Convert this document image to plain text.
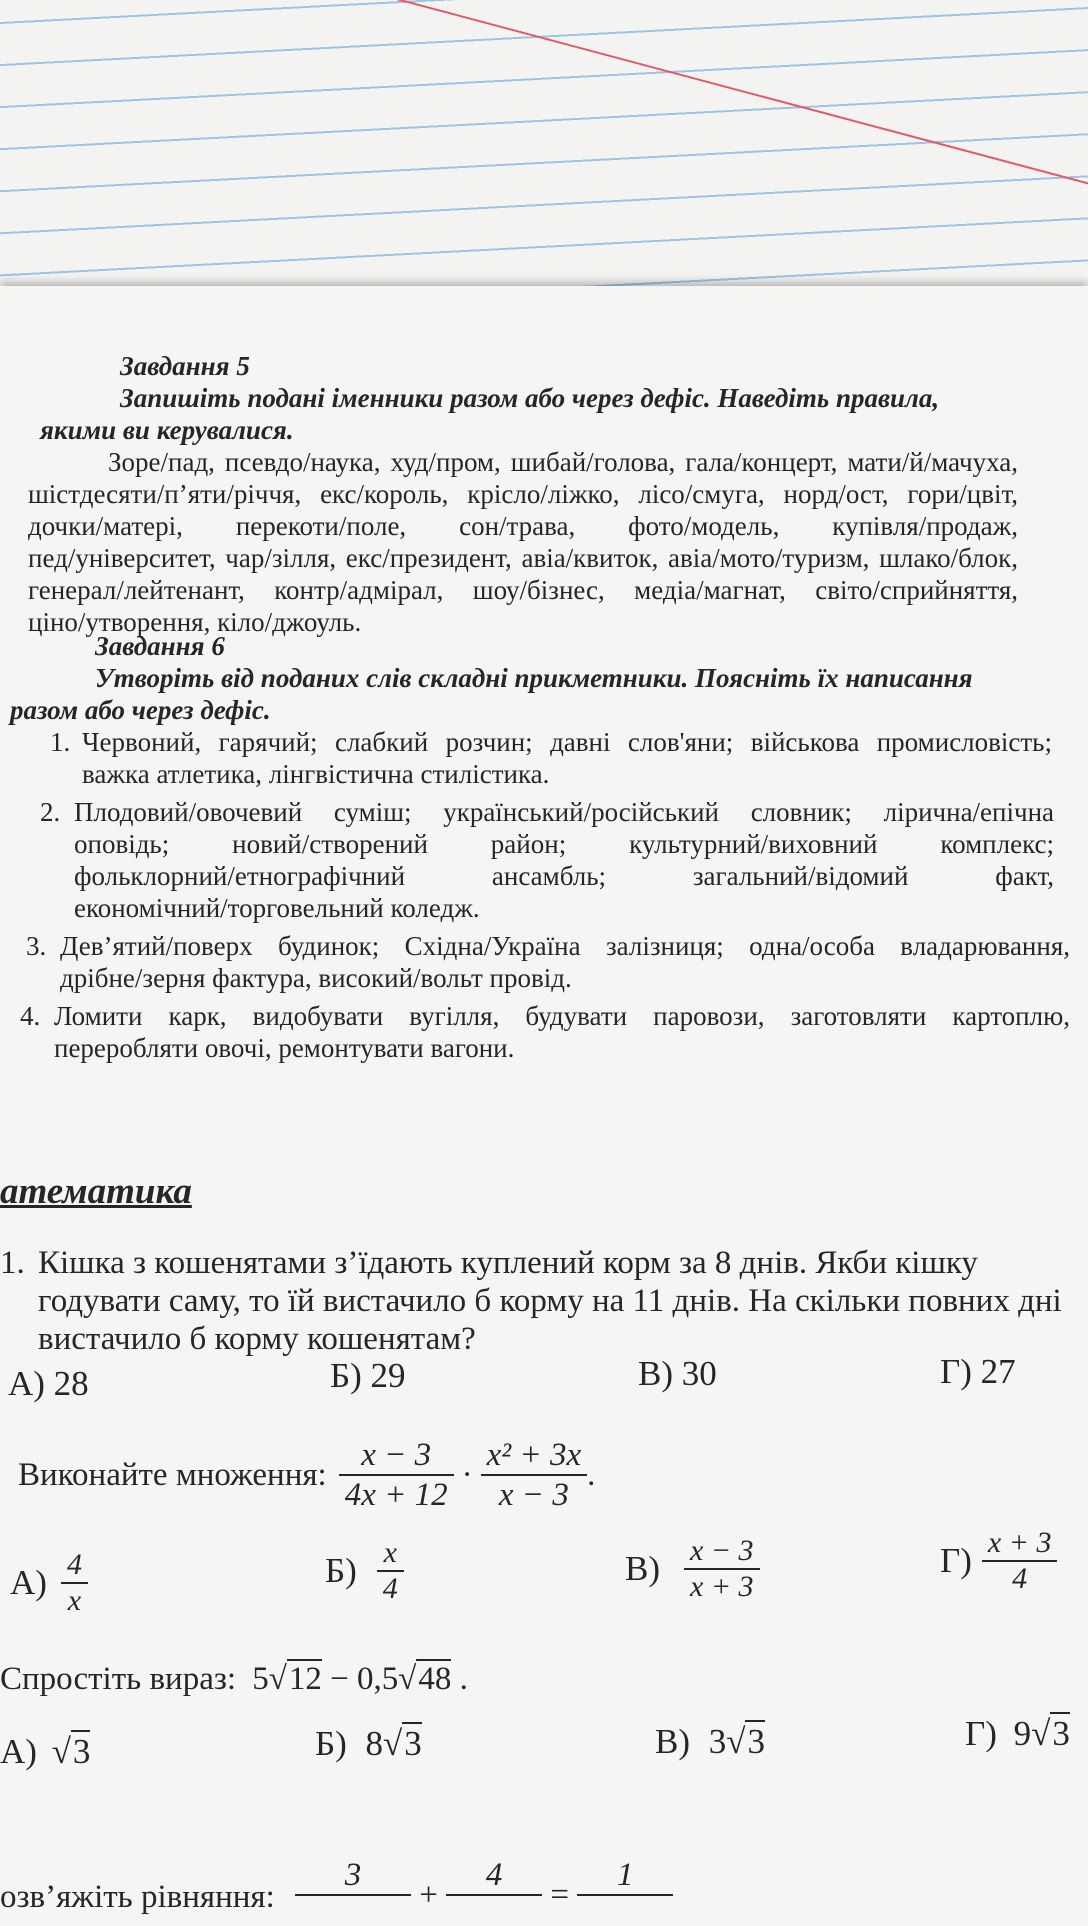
Завдання 5
Запишіть подані іменники разом або через дефіс. Наведіть правила, якими ви керувалися.
Зоре/пад, псевдо/наука, худ/пром, шибай/голова, гала/концерт, мати/й/мачуха,
шістдесяти/п’яти/річчя, екс/король, крісло/ліжко, лісо/смуга, норд/ост, гори/цвіт,
дочки/матері, перекоти/поле, сон/трава, фото/модель, купівля/продаж,
пед/університет, чар/зілля, екс/президент, авіа/квиток, авіа/мото/туризм, шлако/блок,
генерал/лейтенант, контр/адмірал, шоу/бізнес, медіа/магнат, світо/сприйняття,
ціно/утворення, кіло/джоуль.
Завдання 6
Утворіть від поданих слів складні прикметники. Поясніть їх написання разом або через дефіс.
1. Червоний, гарячий; слабкий розчин; давні слов'яни; військова промисловість;
важка атлетика, лінгвістична стилістика.
2. Плодовий/овочевий суміш; український/російський словник; лірична/епічна
оповідь; новий/створений район; культурний/виховний комплекс;
фольклорний/етнографічний ансамбль; загальний/відомий факт,
економічний/торговельний коледж.
3. Дев’ятий/поверх будинок; Східна/Україна залізниця; одна/особа владарювання,
дрібне/зерня фактура, високий/вольт провід.
4. Ломити карк, видобувати вугілля, будувати паровози, заготовляти картоплю,
переробляти овочі, ремонтувати вагони.
атематика
1. Кішка з кошенятами з’їдають куплений корм за 8 днів. Якби кішку
годувати саму, то їй вистачило б корму на 11 днів. На скільки повних дні
вистачило б корму кошенятам?
А) 28	Б) 29	В) 30	Г) 27
Виконайте множення: $\frac{x - 3}{4x + 12} \cdot \frac{\text{x² + 3x}}{x - 3}$ .
$А) \frac{4}{x}$	$Б) \frac{x}{4}$	$В) \frac{x - 3}{x + 3}$	$Г) \frac{x + 3}{4}$
Спростіть вираз: 5√12 − 0,5√48 .
А) √3	Б) 8√3	В) 3√3	Г) 9√3
озв’яжіть рівняння:
3
+
4
=
1
